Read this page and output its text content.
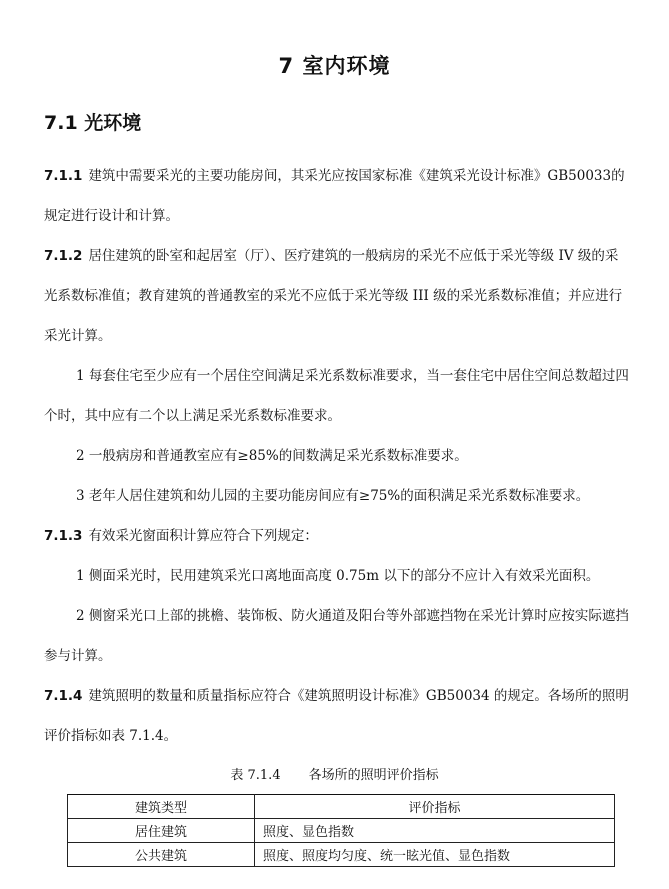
7 室内环境
7.1 光环境

7.1.1 建筑中需要采光的主要功能房间，其采光应按国家标准《建筑采光设计标准》GB50033的规定进行设计和计算。

7.1.2 居住建筑的卧室和起居室（厅）、医疗建筑的一般病房的采光不应低于采光等级 IV 级的采光系数标准值；教育建筑的普通教室的采光不应低于采光等级 III 级的采光系数标准值；并应进行采光计算。

1 每套住宅至少应有一个居住空间满足采光系数标准要求，当一套住宅中居住空间总数超过四个时，其中应有二个以上满足采光系数标准要求。

2 一般病房和普通教室应有≥85%的间数满足采光系数标准要求。

3 老年人居住建筑和幼儿园的主要功能房间应有≥75%的面积满足采光系数标准要求。

7.1.3 有效采光窗面积计算应符合下列规定：

1 侧面采光时，民用建筑采光口离地面高度 0.75m 以下的部分不应计入有效采光面积。

2 侧窗采光口上部的挑檐、装饰板、防火通道及阳台等外部遮挡物在采光计算时应按实际遮挡参与计算。

7.1.4 建筑照明的数量和质量指标应符合《建筑照明设计标准》GB50034 的规定。各场所的照明评价指标如表 7.1.4。

表 7.1.4 各场所的照明评价指标
建筑类型	评价指标
居住建筑	照度、显色指数
公共建筑	照度、照度均匀度、统一眩光值、显色指数
